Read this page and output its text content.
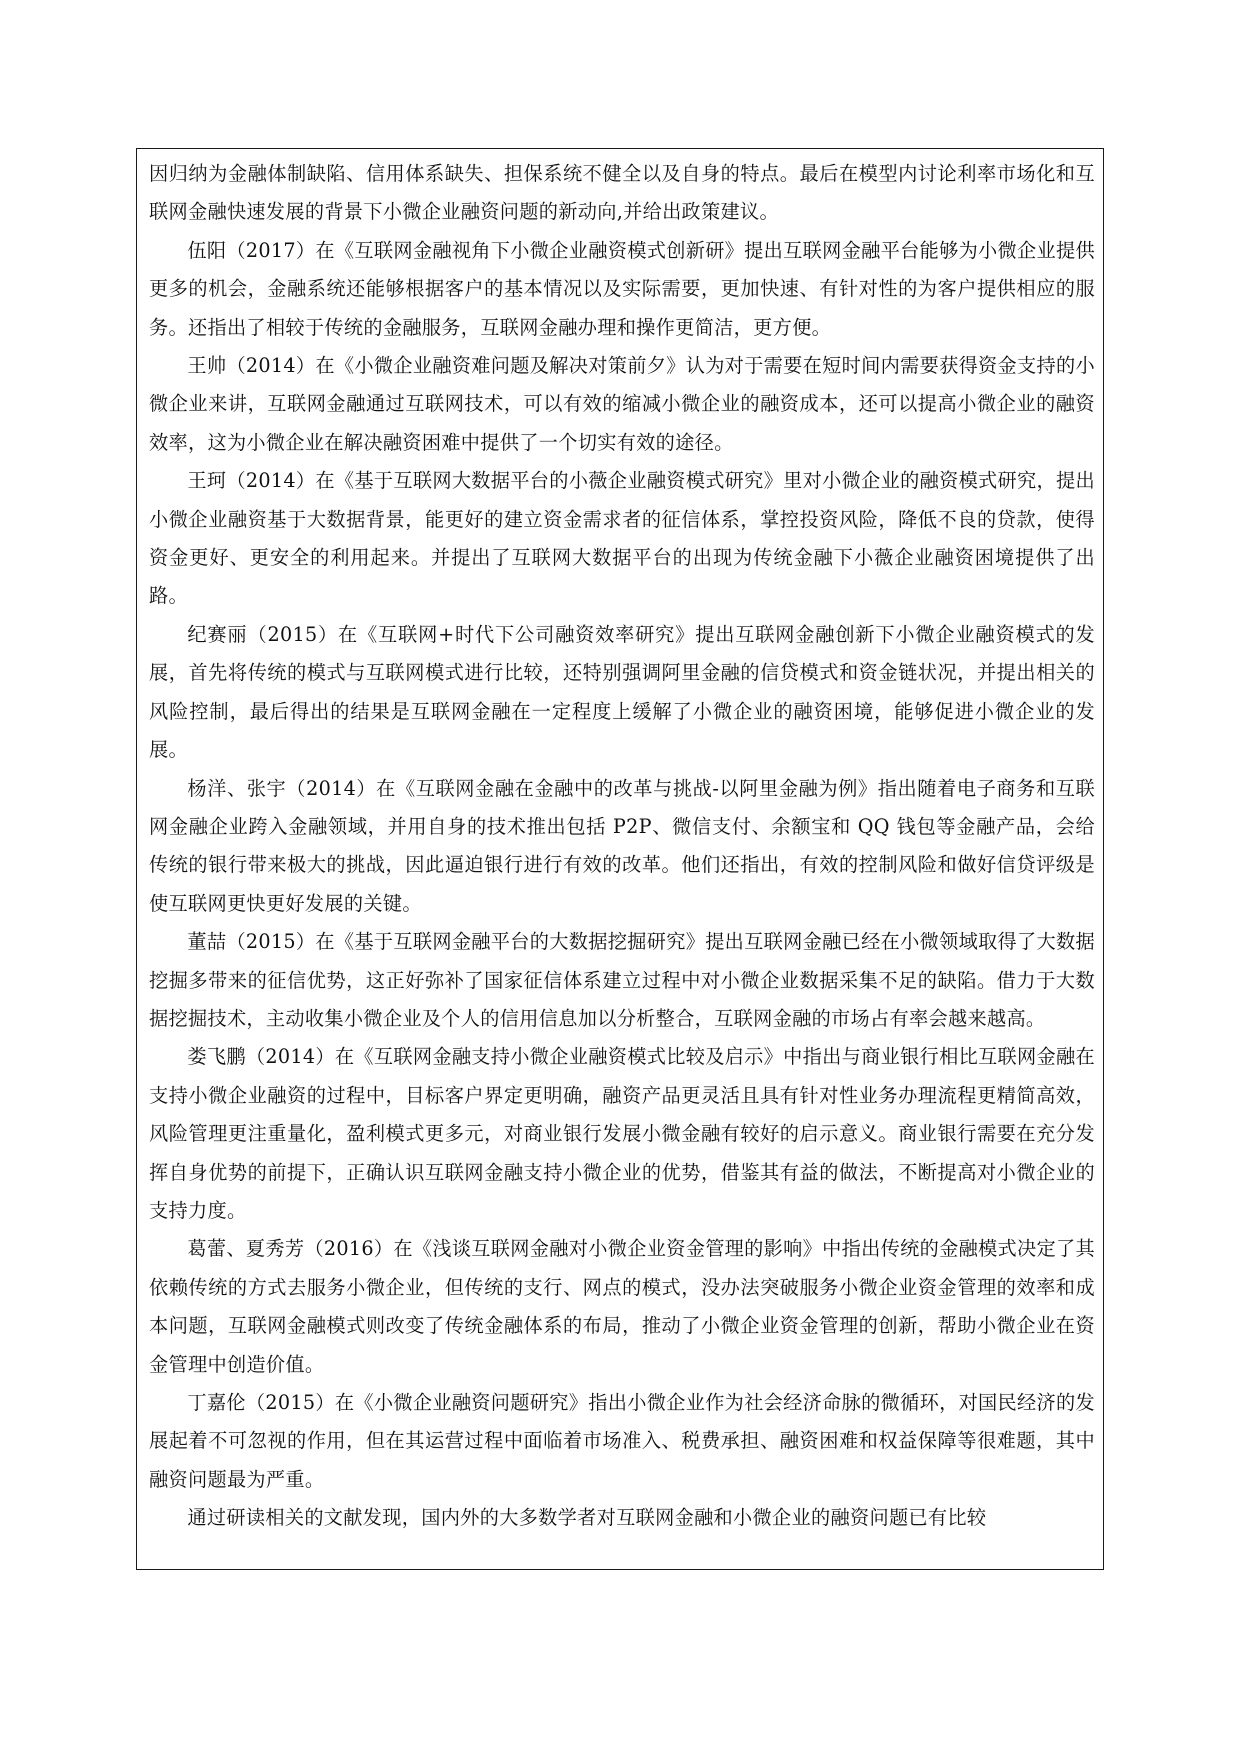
因归纳为金融体制缺陷、信用体系缺失、担保系统不健全以及自身的特点。最后在模型内讨论利率市场化和互联网金融快速发展的背景下小微企业融资问题的新动向,并给出政策建议。

伍阳（2017）在《互联网金融视角下小微企业融资模式创新研》提出互联网金融平台能够为小微企业提供更多的机会，金融系统还能够根据客户的基本情况以及实际需要，更加快速、有针对性的为客户提供相应的服务。还指出了相较于传统的金融服务，互联网金融办理和操作更简洁，更方便。

王帅（2014）在《小微企业融资难问题及解决对策前夕》认为对于需要在短时间内需要获得资金支持的小微企业来讲，互联网金融通过互联网技术，可以有效的缩减小微企业的融资成本，还可以提高小微企业的融资效率，这为小微企业在解决融资困难中提供了一个切实有效的途径。

王珂（2014）在《基于互联网大数据平台的小薇企业融资模式研究》里对小微企业的融资模式研究，提出小微企业融资基于大数据背景，能更好的建立资金需求者的征信体系，掌控投资风险，降低不良的贷款，使得资金更好、更安全的利用起来。并提出了互联网大数据平台的出现为传统金融下小薇企业融资困境提供了出路。

纪赛丽（2015）在《互联网+时代下公司融资效率研究》提出互联网金融创新下小微企业融资模式的发展，首先将传统的模式与互联网模式进行比较，还特别强调阿里金融的信贷模式和资金链状况，并提出相关的风险控制，最后得出的结果是互联网金融在一定程度上缓解了小微企业的融资困境，能够促进小微企业的发展。

杨洋、张宇（2014）在《互联网金融在金融中的改革与挑战-以阿里金融为例》指出随着电子商务和互联网金融企业跨入金融领域，并用自身的技术推出包括 P2P、微信支付、余额宝和 QQ 钱包等金融产品，会给传统的银行带来极大的挑战，因此逼迫银行进行有效的改革。他们还指出，有效的控制风险和做好信贷评级是使互联网更快更好发展的关键。

董喆（2015）在《基于互联网金融平台的大数据挖掘研究》提出互联网金融已经在小微领域取得了大数据挖掘多带来的征信优势，这正好弥补了国家征信体系建立过程中对小微企业数据采集不足的缺陷。借力于大数据挖掘技术，主动收集小微企业及个人的信用信息加以分析整合，互联网金融的市场占有率会越来越高。

娄飞鹏（2014）在《互联网金融支持小微企业融资模式比较及启示》中指出与商业银行相比互联网金融在支持小微企业融资的过程中，目标客户界定更明确，融资产品更灵活且具有针对性业务办理流程更精简高效，风险管理更注重量化，盈利模式更多元，对商业银行发展小微金融有较好的启示意义。商业银行需要在充分发挥自身优势的前提下，正确认识互联网金融支持小微企业的优势，借鉴其有益的做法，不断提高对小微企业的支持力度。

葛蕾、夏秀芳（2016）在《浅谈互联网金融对小微企业资金管理的影响》中指出传统的金融模式决定了其依赖传统的方式去服务小微企业，但传统的支行、网点的模式，没办法突破服务小微企业资金管理的效率和成本问题，互联网金融模式则改变了传统金融体系的布局，推动了小微企业资金管理的创新，帮助小微企业在资金管理中创造价值。

丁嘉伦（2015）在《小微企业融资问题研究》指出小微企业作为社会经济命脉的微循环，对国民经济的发展起着不可忽视的作用，但在其运营过程中面临着市场准入、税费承担、融资困难和权益保障等很难题，其中融资问题最为严重。

通过研读相关的文献发现，国内外的大多数学者对互联网金融和小微企业的融资问题已有比较
